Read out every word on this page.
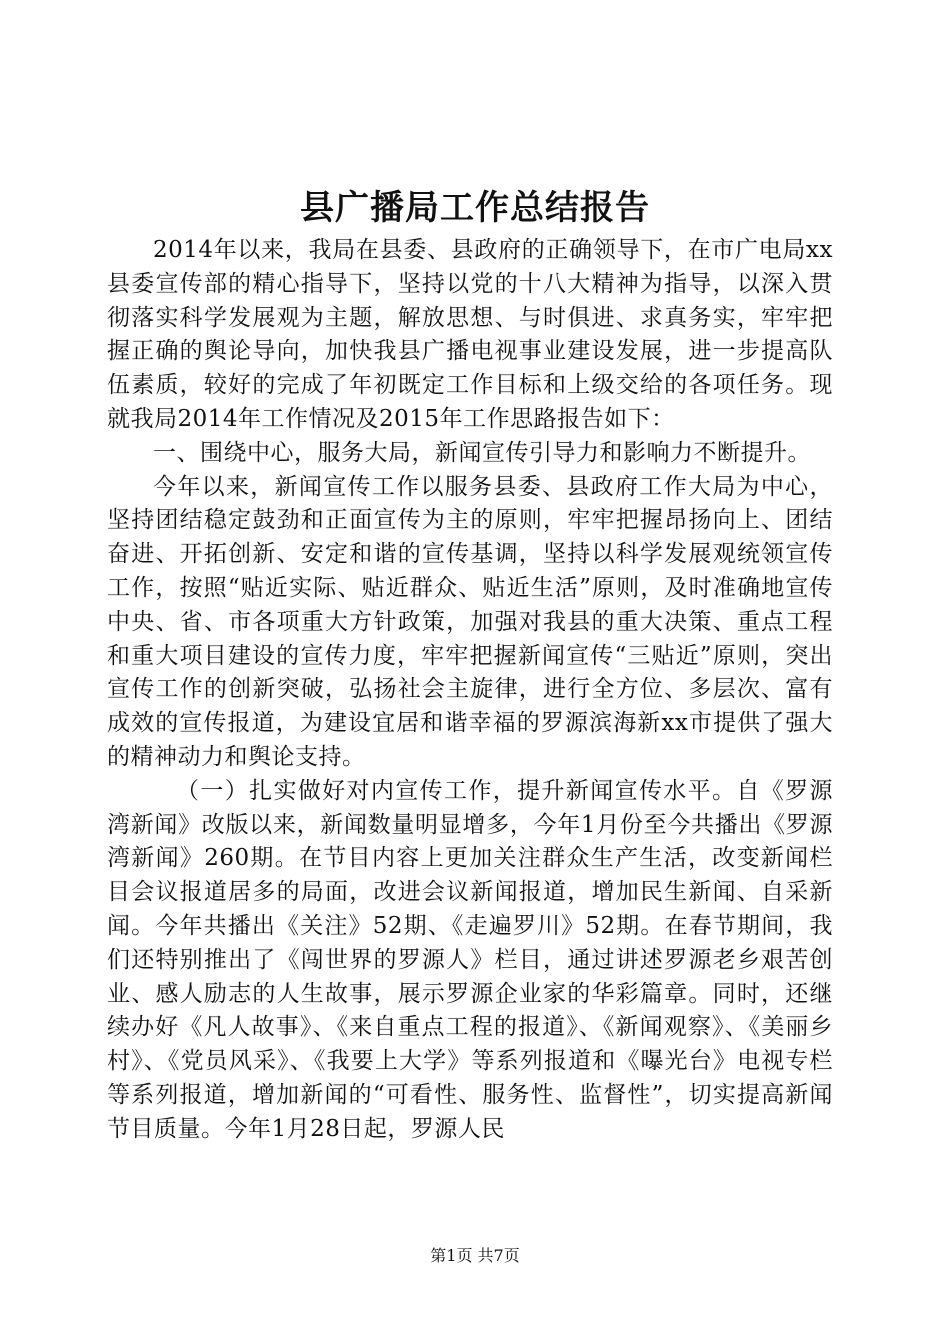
县广播局工作总结报告

2014年以来，我局在县委、县政府的正确领导下，在市广电局xx县委宣传部的精心指导下，坚持以党的十八大精神为指导，以深入贯彻落实科学发展观为主题，解放思想、与时俱进、求真务实，牢牢把握正确的舆论导向，加快我县广播电视事业建设发展，进一步提高队伍素质，较好的完成了年初既定工作目标和上级交给的各项任务。现就我局2014年工作情况及2015年工作思路报告如下：

一、围绕中心，服务大局，新闻宣传引导力和影响力不断提升。

今年以来，新闻宣传工作以服务县委、县政府工作大局为中心，坚持团结稳定鼓劲和正面宣传为主的原则，牢牢把握昂扬向上、团结奋进、开拓创新、安定和谐的宣传基调，坚持以科学发展观统领宣传工作，按照“贴近实际、贴近群众、贴近生活”原则，及时准确地宣传中央、省、市各项重大方针政策，加强对我县的重大决策、重点工程和重大项目建设的宣传力度，牢牢把握新闻宣传“三贴近”原则，突出宣传工作的创新突破，弘扬社会主旋律，进行全方位、多层次、富有成效的宣传报道，为建设宜居和谐幸福的罗源滨海新xx市提供了强大的精神动力和舆论支持。

（一）扎实做好对内宣传工作，提升新闻宣传水平。自《罗源湾新闻》改版以来，新闻数量明显增多，今年1月份至今共播出《罗源湾新闻》260期。在节目内容上更加关注群众生产生活，改变新闻栏目会议报道居多的局面，改进会议新闻报道，增加民生新闻、自采新闻。今年共播出《关注》52期、《走遍罗川》52期。在春节期间，我们还特别推出了《闯世界的罗源人》栏目，通过讲述罗源老乡艰苦创业、感人励志的人生故事，展示罗源企业家的华彩篇章。同时，还继续办好《凡人故事》、《来自重点工程的报道》、《新闻观察》、《美丽乡村》、《党员风采》、《我要上大学》等系列报道和《曝光台》电视专栏等系列报道，增加新闻的“可看性、服务性、监督性”，切实提高新闻节目质量。今年1月28日起，罗源人民

第1页 共7页
